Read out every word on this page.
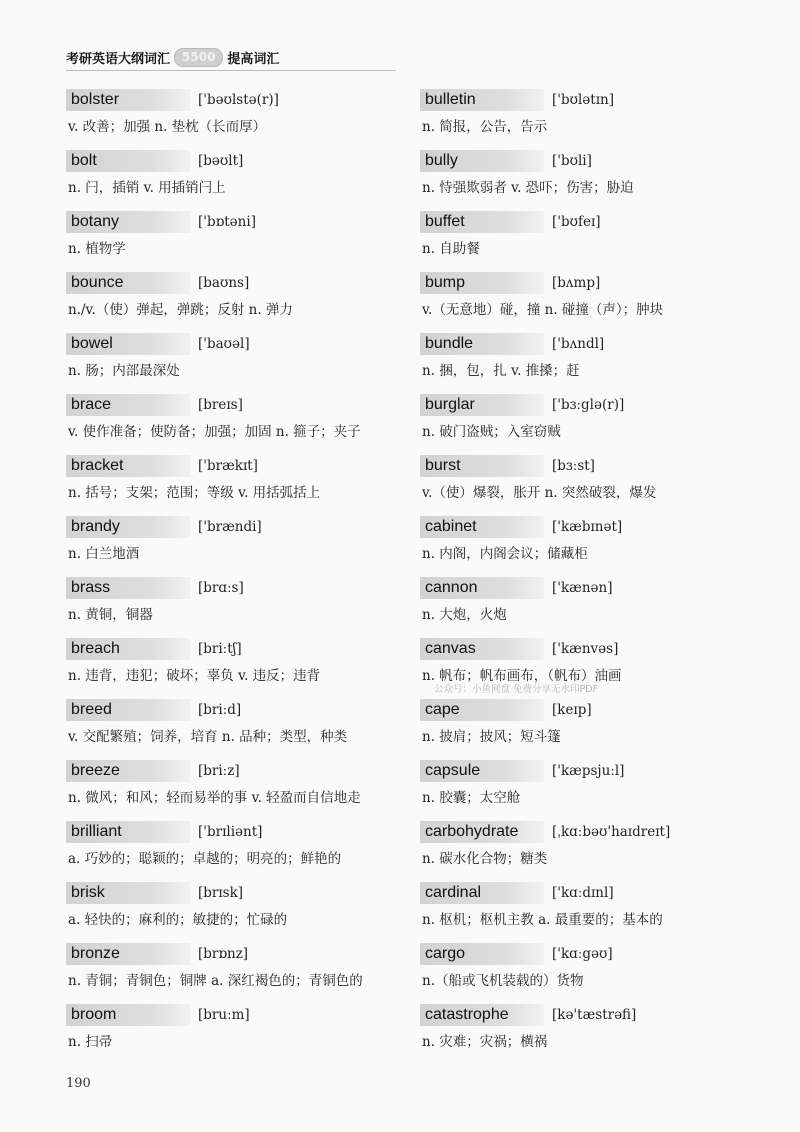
考研英语大纲词汇	5500 提高词汇
bolster	['bəʊlstə(r)]
v. 改善；加强 n. 垫枕（长而厚）
bolt	[bəʊlt]
n. 闩，插销 v. 用插销闩上
botany	['bɒtəni]
n. 植物学
bounce	[baʊns]
n./v.（使）弹起，弹跳；反射 n. 弹力
bowel	['baʊəl]
n. 肠；内部最深处
brace	[breɪs]
v. 使作准备；使防备；加强；加固 n. 箍子；夹子
bracket	['brækɪt]
n. 括号；支架；范围；等级 v. 用括弧括上
brandy	['brændi]
n. 白兰地酒
brass	[brɑːs]
n. 黄铜，铜器
breach	[briːtʃ]
n. 违背，违犯；破坏；辜负 v. 违反；违背
breed	[briːd]
v. 交配繁殖；饲养，培育 n. 品种；类型，种类
breeze	[briːz]
n. 微风；和风；轻而易举的事 v. 轻盈而自信地走
brilliant	['brɪliənt]
a. 巧妙的；聪颖的；卓越的；明亮的；鲜艳的
brisk	[brɪsk]
a. 轻快的；麻利的；敏捷的；忙碌的
bronze	[brɒnz]
n. 青铜；青铜色；铜牌 a. 深红褐色的；青铜色的
broom	[bruːm]
n. 扫帚
bulletin	['bʊlətɪn]
n. 简报，公告，告示
bully	['bʊli]
n. 恃强欺弱者 v. 恐吓；伤害；胁迫
buffet	['bʊfeɪ]
n. 自助餐
bump	[bʌmp]
v.（无意地）碰，撞 n. 碰撞（声）；肿块
bundle	['bʌndl]
n. 捆，包，扎 v. 推搡；赶
burglar	['bɜːglə(r)]
n. 破门盗贼；入室窃贼
burst	[bɜːst]
v.（使）爆裂，胀开 n. 突然破裂，爆发
cabinet	['kæbɪnət]
n. 内阁，内阁会议；储藏柜
cannon	['kænən]
n. 大炮，火炮
canvas	['kænvəs]
n. 帆布；帆布画布，（帆布）油画
cape	[keɪp]
n. 披肩；披风；短斗篷
capsule	['kæpsjuːl]
n. 胶囊；太空舱
carbohydrate [ˌkɑːbəʊ'haɪdreɪt]
n. 碳水化合物；糖类
cardinal	['kɑːdɪnl]
n. 枢机；枢机主教 a. 最重要的；基本的
cargo	['kɑːgəʊ]
n.（船或飞机装载的）货物
catastrophe	[kə'tæstrəfi]
n. 灾难；灾祸；横祸
公众号：小鱼网盘 免费分享无水印PDF
190
